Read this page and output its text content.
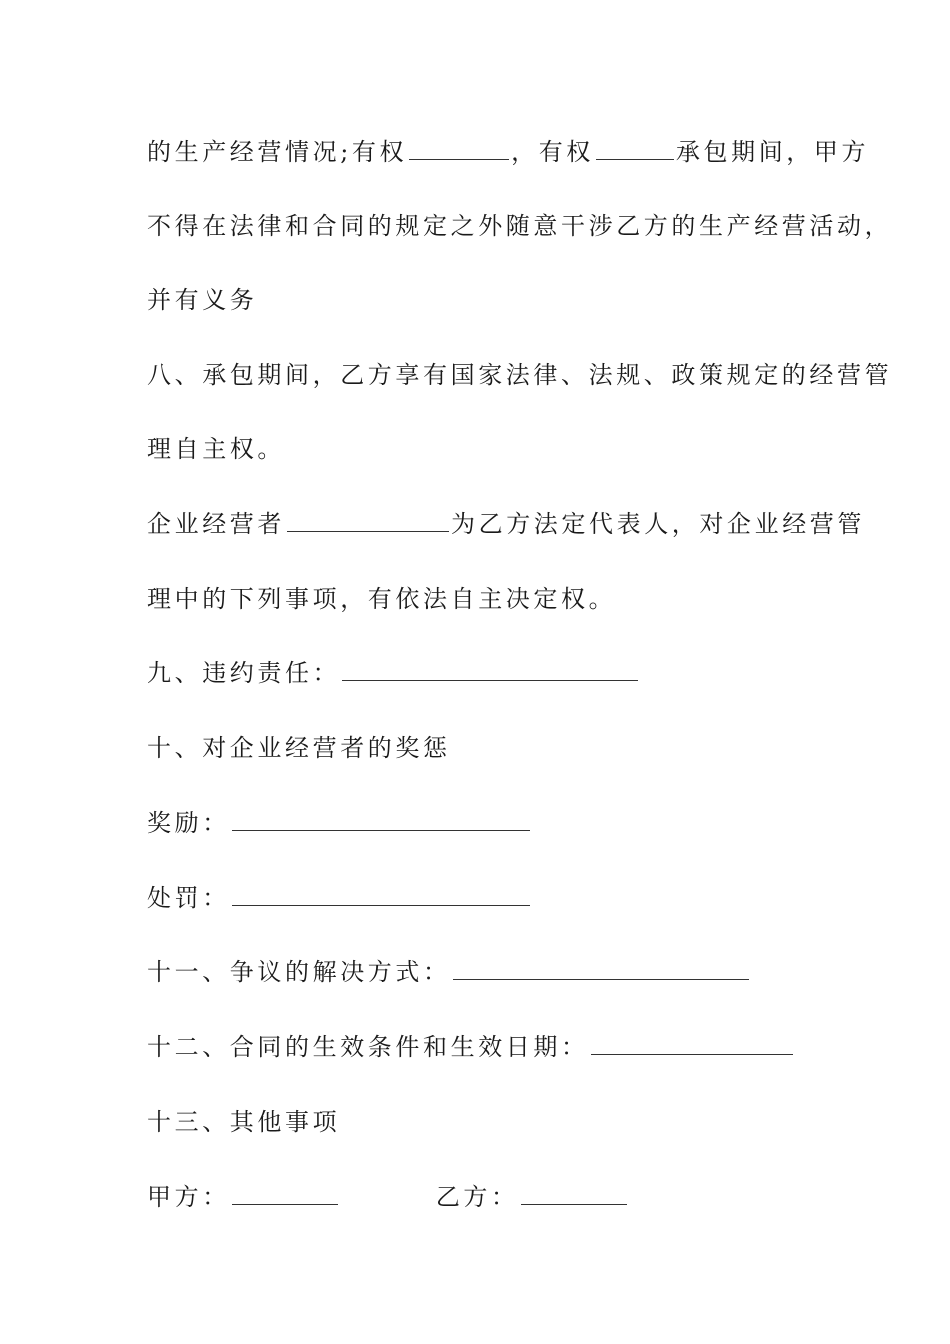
的生产经营情况;有权	，有权	承包期间，甲方
不得在法律和合同的规定之外随意干涉乙方的生产经营活动，
并有义务
八、承包期间，乙方享有国家法律、法规、政策规定的经营管
理自主权。
企业经营者	为乙方法定代表人，对企业经营管
理中的下列事项，有依法自主决定权。
九、违约责任：
十、对企业经营者的奖惩
奖励：
处罚：
十一、争议的解决方式：
十二、合同的生效条件和生效日期：
十三、其他事项
甲方：	乙方：
